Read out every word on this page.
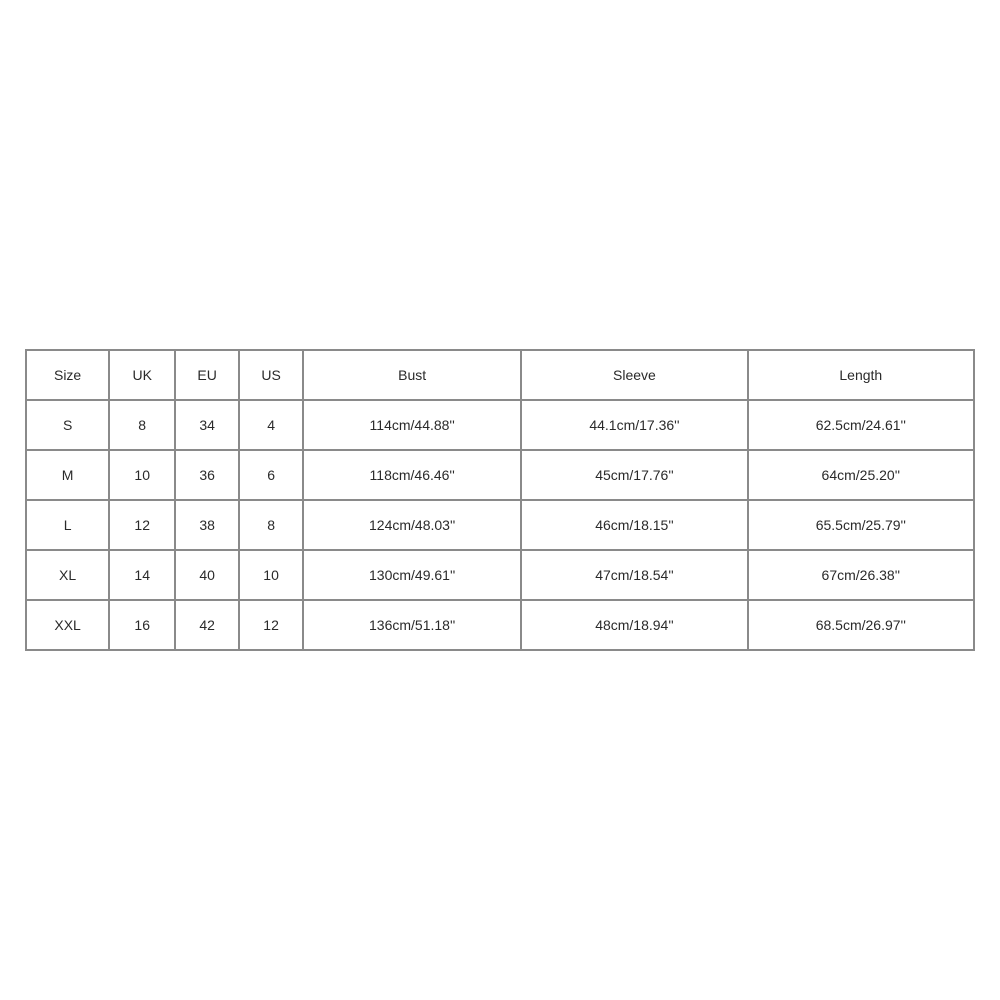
Size	UK	EU	US	Bust	Sleeve	Length
S	8	34	4	114cm/44.88''	44.1cm/17.36''	62.5cm/24.61''
M	10	36	6	118cm/46.46''	45cm/17.76''	64cm/25.20''
L	12	38	8	124cm/48.03''	46cm/18.15''	65.5cm/25.79''
XL	14	40	10	130cm/49.61''	47cm/18.54''	67cm/26.38''
XXL	16	42	12	136cm/51.18''	48cm/18.94''	68.5cm/26.97''
